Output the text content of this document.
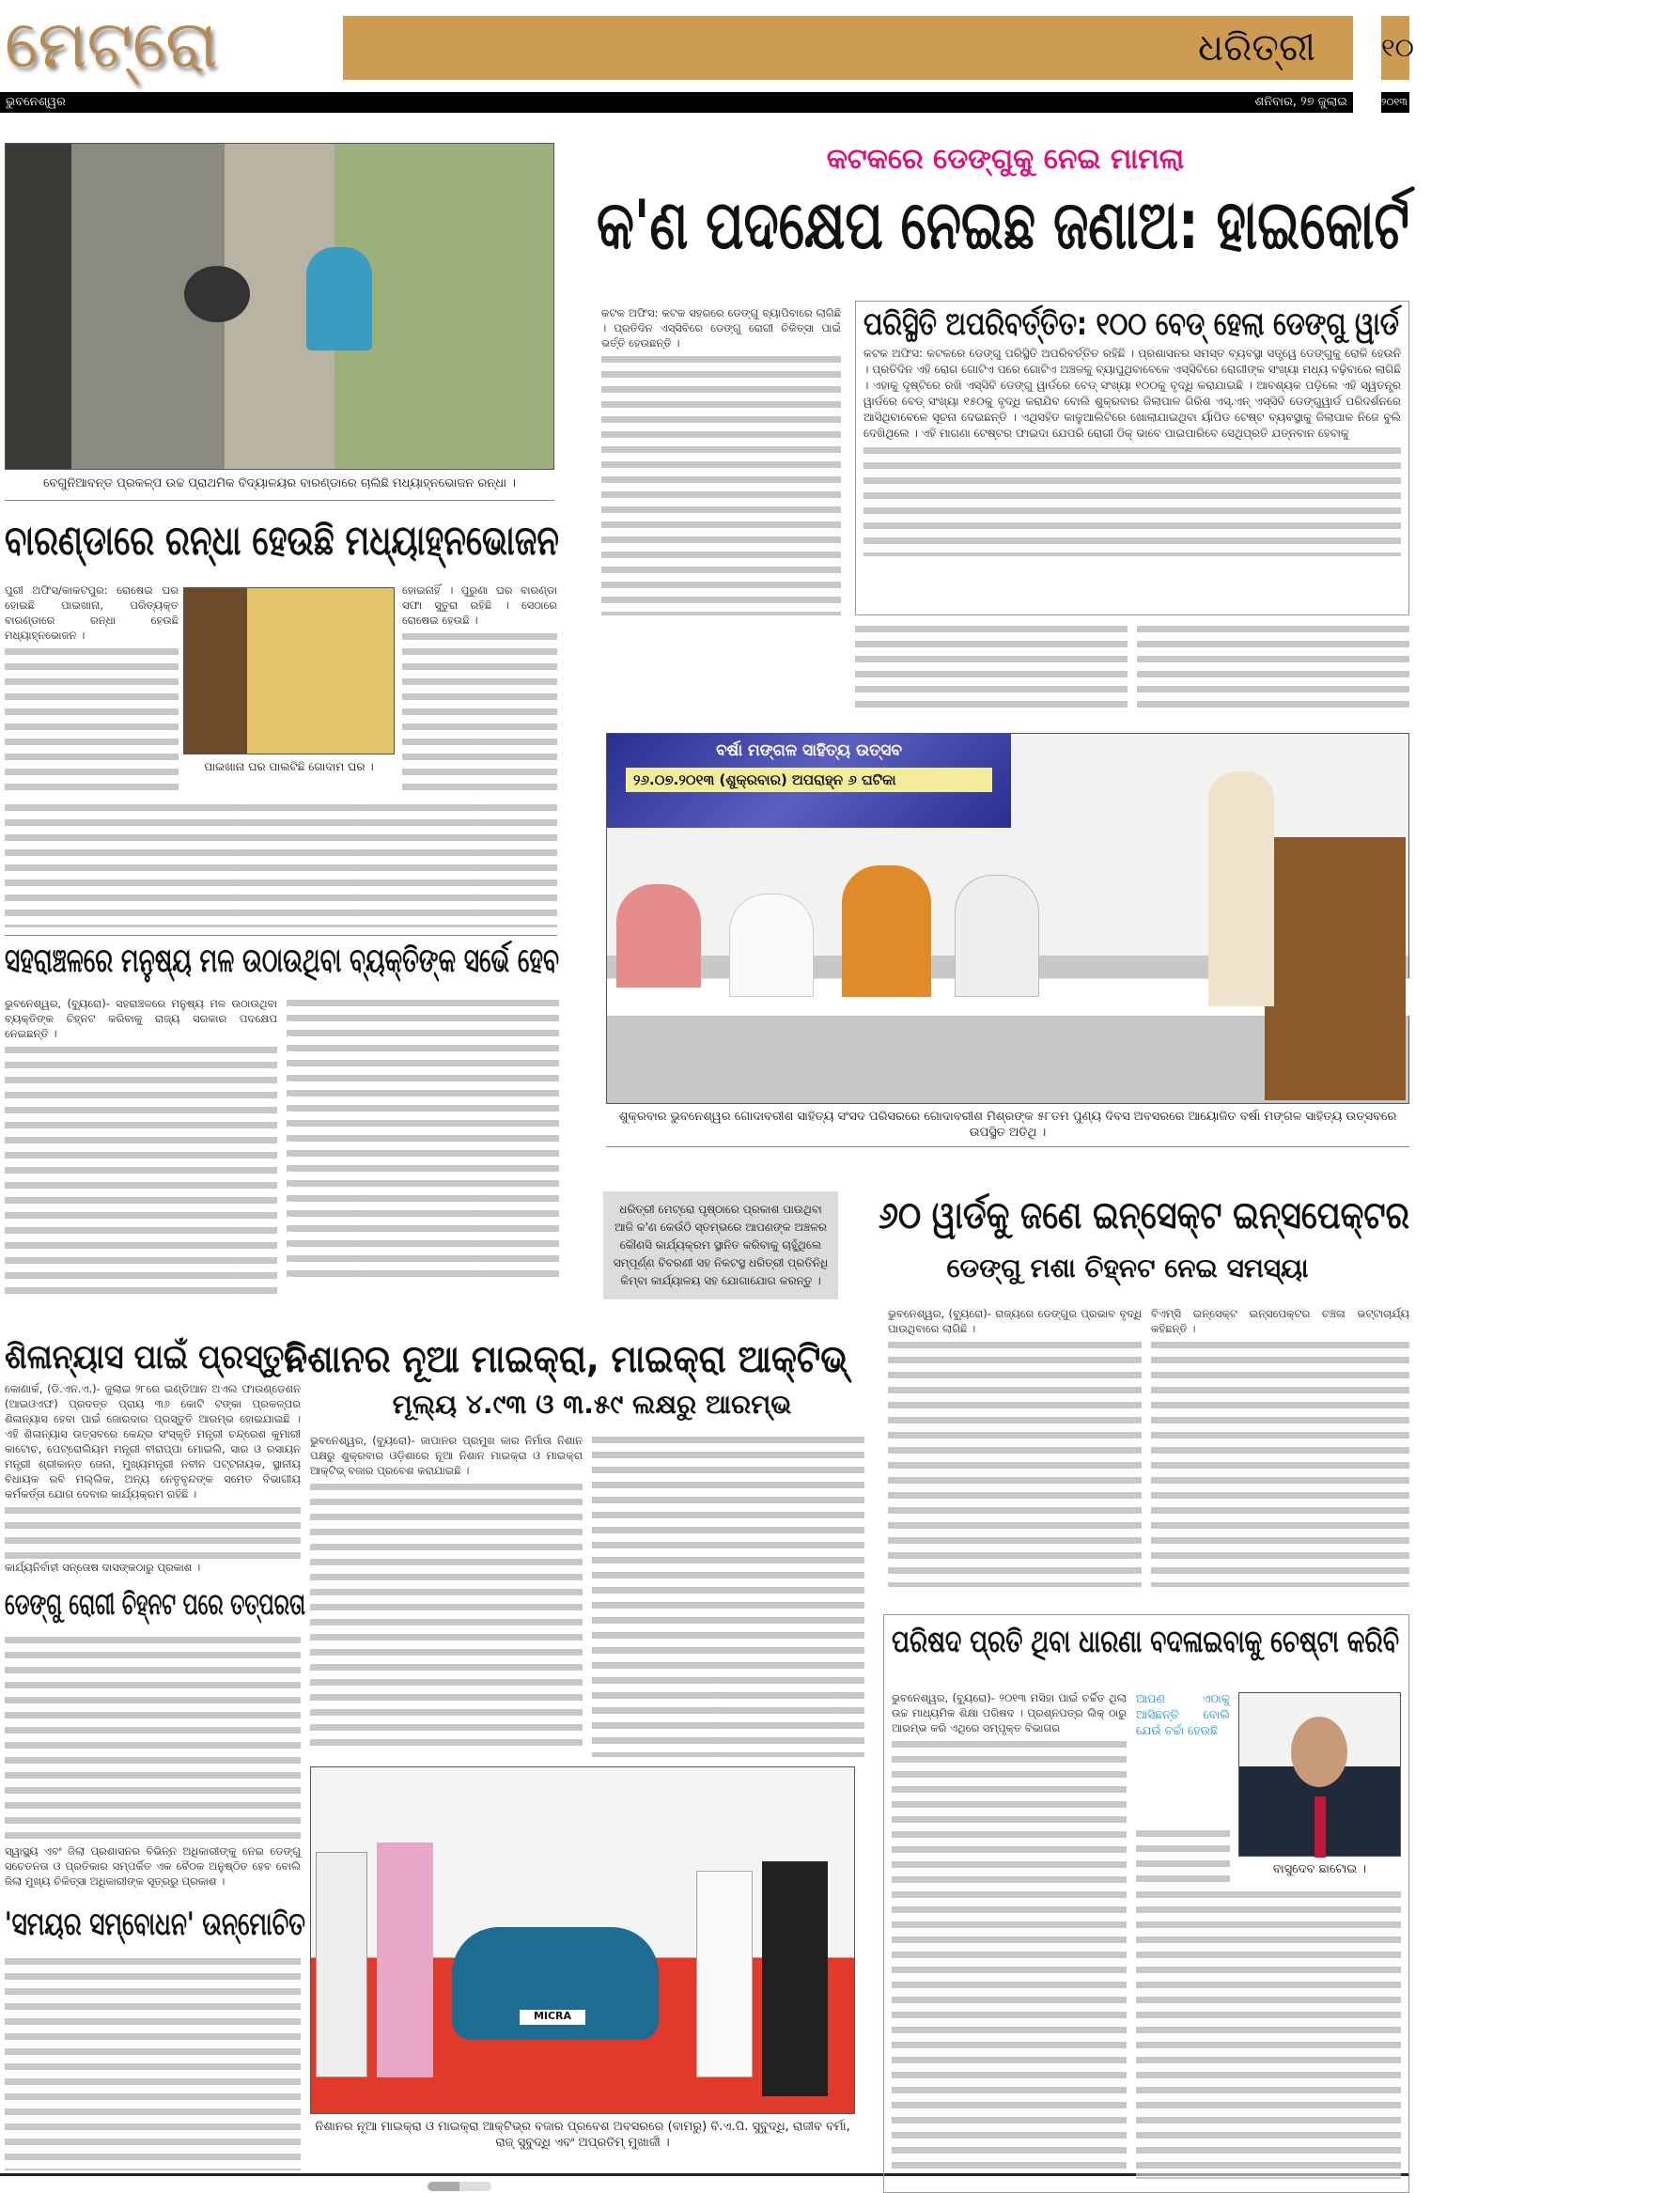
ମେଟ୍ରୋ	ଧରିତ୍ରୀ	୧୦
ଭୁବନେଶ୍ୱର	ଶନିବାର, ୨୭ ଜୁଲାଇ	୨୦୧୩
ବେଗୁନିଆବନ୍ତ ପ୍ରକଳ୍ପ ଉଚ୍ଚ ପ୍ରାଥମିକ ବିଦ୍ୟାଳୟର ବାରଣ୍ଡାରେ ଚାଲିଛି ମଧ୍ୟାହ୍ନଭୋଜନ ରନ୍ଧା ।
ବାରଣ୍ଡାରେ ରନ୍ଧା ହେଉଛି ମଧ୍ୟାହ୍ନଭୋଜନ

ପୁରୀ ଅଫିସ/କାକଟପୁର: ରୋଷେଇ ଘର ହୋଇଛି ପାଇଖାନା, ପରିତ୍ୟକ୍ତ ବାରଣ୍ଡାରେ ରନ୍ଧା ହେଉଛି ମଧ୍ୟାହ୍ନଭୋଜନ ।

ପାଇଖାନା ଘର ପାଲଟିଛି ଗୋଦାମ ଘର ।

ହୋଇନାହିଁ । ପୁରୁଣା ଘର ବାରଣ୍ଡା ସଫା ସୁତୁରା ରହିଛି । ସେଠାରେ ରୋଷେଇ ହେଉଛି ।

ସହରାଞ୍ଚଳରେ ମନୁଷ୍ୟ ମଳ ଉଠାଉଥିବା ବ୍ୟକ୍ତିଙ୍କ ସର୍ଭେ ହେବ

ଭୁବନେଶ୍ୱର, (ବ୍ୟୁରୋ)- ସହରାଞ୍ଚଳରେ ମନୁଷ୍ୟ ମଳ ଉଠାଉଥିବା ବ୍ୟକ୍ତିଙ୍କ ଚିହ୍ନଟ କରିବାକୁ ରାଜ୍ୟ ସରକାର ପଦକ୍ଷେପ ନେଇଛନ୍ତି ।

କଟକରେ ଡେଙ୍ଗୁକୁ ନେଇ ମାମଲା
କ'ଣ ପଦକ୍ଷେପ ନେଇଛ ଜଣାଅ: ହାଇକୋର୍ଟ

କଟକ ଅଫିସ: କଟକ ସହରରେ ଡେଙ୍ଗୁ ବ୍ୟାପିବାରେ ଲାଗିଛି । ପ୍ରତିଦିନ ଏସ୍‌ସିବିରେ ଡେଙ୍ଗୁ ରୋଗୀ ଚିକିତ୍ସା ପାଇଁ ଭର୍ତ୍ତି ହେଉଛନ୍ତି ।	ପରିସ୍ଥିତି ଅପରିବର୍ତ୍ତିତ: ୧୦୦ ବେଡ୍ ହେଲା ଡେଙ୍ଗୁ ୱାର୍ଡ

କଟକ ଅଫିସ: କଟକରେ ଡେଙ୍ଗୁ ପରିସ୍ଥିତି ଅପରିବର୍ତ୍ତିତ ରହିଛି । ପ୍ରଶାସନର ସମସ୍ତ ବ୍ୟବସ୍ଥା ସତ୍ତ୍ୱେ ଡେଙ୍ଗୁକୁ ରୋକି ହେଉନି । ପ୍ରତିଦିନ ଏହି ରୋଗ ଗୋଟିଏ ପରେ ଗୋଟିଏ ଅଞ୍ଚଳକୁ ବ୍ୟାପୁଥିବାବେଳେ ଏସ୍‌ସିବିରେ ରୋଗୀଙ୍କ ସଂଖ୍ୟା ମଧ୍ୟ ବଢ଼ିବାରେ ଲାଗିଛି । ଏହାକୁ ଦୃଷ୍ଟିରେ ରଖି ଏସ୍‌ସିବି ଡେଙ୍ଗୁ ୱାର୍ଡରେ ବେଡ୍ ସଂଖ୍ୟା ୧୦୦କୁ ବୃଦ୍ଧି କରାଯାଇଛି । ଆବଶ୍ୟକ ପଡ଼ିଲେ ଏହି ସ୍ୱତନ୍ତ୍ର ୱାର୍ଡରେ ବେଡ୍ ସଂଖ୍ୟା ୧୫୦କୁ ବୃଦ୍ଧି କରାଯିବ ବୋଲି ଶୁକ୍ରବାର ଜିଲାପାଳ ଗିରିଶ ଏସ୍.ଏନ୍ ଏସ୍‌ସିବି ଡେଙ୍ଗୁୱାର୍ଡ ପରିଦର୍ଶନରେ ଆସିଥିବାବେଳେ ସୂଚନା ଦେଇଛନ୍ତି । ଏଥିସହିତ କାଳୁଆଲିଟିରେ ଖୋଲାଯାଇଥିବା ର୍ୟାପିଡ ଟେଷ୍ଟ ବ୍ୟବସ୍ଥାକୁ ଜିଲାପାଳ ନିଜେ ବୁଲି ଦେଖିଥିଲେ । ଏହି ମାଗଣା ଟେଷ୍ଟର ଫାଇଦା ଯେପରି ରୋଗୀ ଠିକ୍ ଭାବେ ପାଇପାରିବେ ସେଥିପ୍ରତି ଯତ୍ନବାନ ହେବାକୁ

ବର୍ଷା ମଙ୍ଗଳ ସାହିତ୍ୟ ଉତ୍ସବ
୨୬.୦୭.୨୦୧୩ (ଶୁକ୍ରବାର) ଅପରାହ୍ନ ୬ ଘଟିକା
ଶୁକ୍ରବାର ଭୁବନେଶ୍ୱର ଗୋଦାବରୀଶ ସାହିତ୍ୟ ସଂସଦ ପରିସରରେ ଗୋଦାବରୀଶ ମିଶ୍ରଙ୍କ ୫୮ତମ ପୁଣ୍ୟ ଦିବସ ଅବସରରେ ଆୟୋଜିତ ବର୍ଷା ମଙ୍ଗଳ ସାହିତ୍ୟ ଉତ୍ସବରେ ଉପସ୍ଥିତ ଅତିଥି ।
ଧରିତ୍ରୀ ମେଟ୍ରୋ ପୃଷ୍ଠାରେ ପ୍ରକାଶ ପାଉଥିବା ଆଜି କ'ଣ କେଉଁଠି ସ୍ତମ୍ଭରେ ଆପଣଙ୍କ ଅଞ୍ଚଳର କୌଣସି କାର୍ଯ୍ୟକ୍ରମ ସ୍ଥାନିତ କରିବାକୁ ଚାହୁଁଥିଲେ ସମ୍ପୂର୍ଣ୍ଣ ବିବରଣୀ ସହ ନିକଟସ୍ଥ ଧରିତ୍ରୀ ପ୍ରତିନିଧି କିମ୍ବା କାର୍ଯ୍ୟାଳୟ ସହ ଯୋଗାଯୋଗ କରନ୍ତୁ ।
୬୦ ୱାର୍ଡକୁ ଜଣେ ଇନ୍‌ସେକ୍ଟ ଇନ୍ସପେକ୍ଟର
ଡେଙ୍ଗୁ ମଶା ଚିହ୍ନଟ ନେଇ ସମସ୍ୟା

ଭୁବନେଶ୍ୱର, (ବ୍ୟୁରୋ)- ରାଜ୍ୟରେ ଡେଙ୍ଗୁର ପ୍ରଭାବ ବୃଦ୍ଧି ପାଉଥିବାରେ ଲାଗିଛି ।

ବିଏମ୍‌ସି ଇନ୍‌ସେକ୍ଟ ଇନ୍ସପେକ୍ଟର ଚଞ୍ଚଳା ଭଟ୍ଟାଚାର୍ଯ୍ୟ କହିଛନ୍ତି ।

ଶିଳାନ୍ୟାସ ପାଇଁ ପ୍ରସ୍ତୁତି

କୋଣାର୍କ, (ଡି.ଏନ.ଏ.)- ଜୁଲାଇ ୨୮ରେ ଇଣ୍ଡିଆନ ଅଏଲ ଫାଉଣ୍ଡେଶନ (ଆଇଓଏଫ) ପ୍ରଦତ୍ତ ପ୍ରାୟ ୩୬ କୋଟି ଟଙ୍କା ପ୍ରକଳ୍ପର ଶିଳାନ୍ୟାସ ହେବା ପାଇଁ ଜୋରଦାର ପ୍ରସ୍ତୁତି ଆରମ୍ଭ ହୋଇଯାଇଛି । ଏହି ଶିଳାନ୍ୟାସ ଉତ୍ସବରେ କେନ୍ଦ୍ର ସଂସ୍କୃତି ମନ୍ତ୍ରୀ ଚନ୍ଦ୍ରେଶ କୁମାରୀ କାଟୋଚ, ପେଟ୍ରୋଲିୟମ ମନ୍ତ୍ରୀ ବୀରାପ୍ପା ମୋଇଲି, ସାର ଓ ରସାୟନ ମନ୍ତ୍ରୀ ଶ୍ରୀକାନ୍ତ ଜେନା, ମୁଖ୍ୟମନ୍ତ୍ରୀ ନବୀନ ପଟ୍ଟନାୟକ, ସ୍ଥାନୀୟ ବିଧାୟକ ରବି ମଲ୍ଲିକ, ଅନ୍ୟ ନେତୃବୃନ୍ଦଙ୍କ ସମେତ ବିଭାଗୀୟ କର୍ମକର୍ତ୍ତା ଯୋଗ ଦେବାର କାର୍ଯ୍ୟକ୍ରମ ରହିଛି ।

କାର୍ଯ୍ୟନିର୍ବାହୀ ସନ୍ତୋଷ ଦାସଙ୍କଠାରୁ ପ୍ରକାଶ ।
ଡେଙ୍ଗୁ ରୋଗୀ ଚିହ୍ନଟ ପରେ ତତ୍ପରତା
ସ୍ୱାସ୍ଥ୍ୟ ଏବଂ ଜିଲା ପ୍ରଶାସନର ବିଭିନ୍ନ ଅଧିକାରୀଙ୍କୁ ନେଇ ଡେଙ୍ଗୁ ସଚେତନତା ଓ ପ୍ରତିକାର ସମ୍ପର୍କିତ ଏକ ବୈଠକ ଅନୁଷ୍ଠିତ ହେବ ବୋଲି ଜିଲା ମୁଖ୍ୟ ଚିକିତ୍ସା ଅଧିକାରୀଙ୍କ ସୂତ୍ରରୁ ପ୍ରକାଶ ।
'ସମୟର ସମ୍ବୋଧନ' ଉନ୍ମୋଚିତ
ନିଶାନର ନୂଆ ମାଇକ୍ରା, ମାଇକ୍ରା ଆକ୍ଟିଭ୍
ମୂଲ୍ୟ ୪.୯୩ ଓ ୩.୫୯ ଲକ୍ଷରୁ ଆରମ୍ଭ

ଭୁବନେଶ୍ୱର, (ବ୍ୟୁରୋ)- ଜାପାନର ପ୍ରମୁଖ କାର ନିର୍ମାତା ନିଶାନ ପକ୍ଷରୁ ଶୁକ୍ରବାର ଓଡ଼ିଶାରେ ନୂଆ ନିଶାନ ମାଇକ୍ରା ଓ ମାଇକ୍ରା ଆକ୍ଟିଭ୍ ବଜାର ପ୍ରବେଶ କରାଯାଇଛି ।

MICRA
ନିଶାନର ନୂଆ ମାଇକ୍ରା ଓ ମାଇକ୍ରା ଆକ୍ଟିଭ୍‌ର ବଜାର ପ୍ରବେଶ ଅବସରରେ (ବାମରୁ) ବି.ଏ.ପି. ସୁବୁଦ୍ଧି, ରାଜୀବ ବର୍ମା, ରାଜ୍ ସୁବୁଦ୍ଧି ଏବଂ ଅପ୍ରତିମ୍ ମୁଖାର୍ଜୀ ।
ପରିଷଦ ପ୍ରତି ଥିବା ଧାରଣା ବଦଳାଇବାକୁ ଚେଷ୍ଟା କରିବି

ଭୁବନେଶ୍ୱର, (ବ୍ୟୁରୋ)- ୨୦୧୩ ମସିହା ପାଇଁ ଚର୍ଚ୍ଚିତ ଥିଲା ଉଚ୍ଚ ମାଧ୍ୟମିକ ଶିକ୍ଷା ପରିଷଦ । ପ୍ରଶ୍ନପତ୍ର ଲିକ୍ ଠାରୁ ଆରମ୍ଭ କରି ଏଥିରେ ସମ୍ପୃକ୍ତ ବିଭାଗର

ଆପଣ ଏଠାକୁ ଆସିଛନ୍ତି ବୋଲି ଯେଉଁ ଚର୍ଚ୍ଚା ହେଉଛି

ବାସୁଦେବ ଛାଟୋଇ ।
